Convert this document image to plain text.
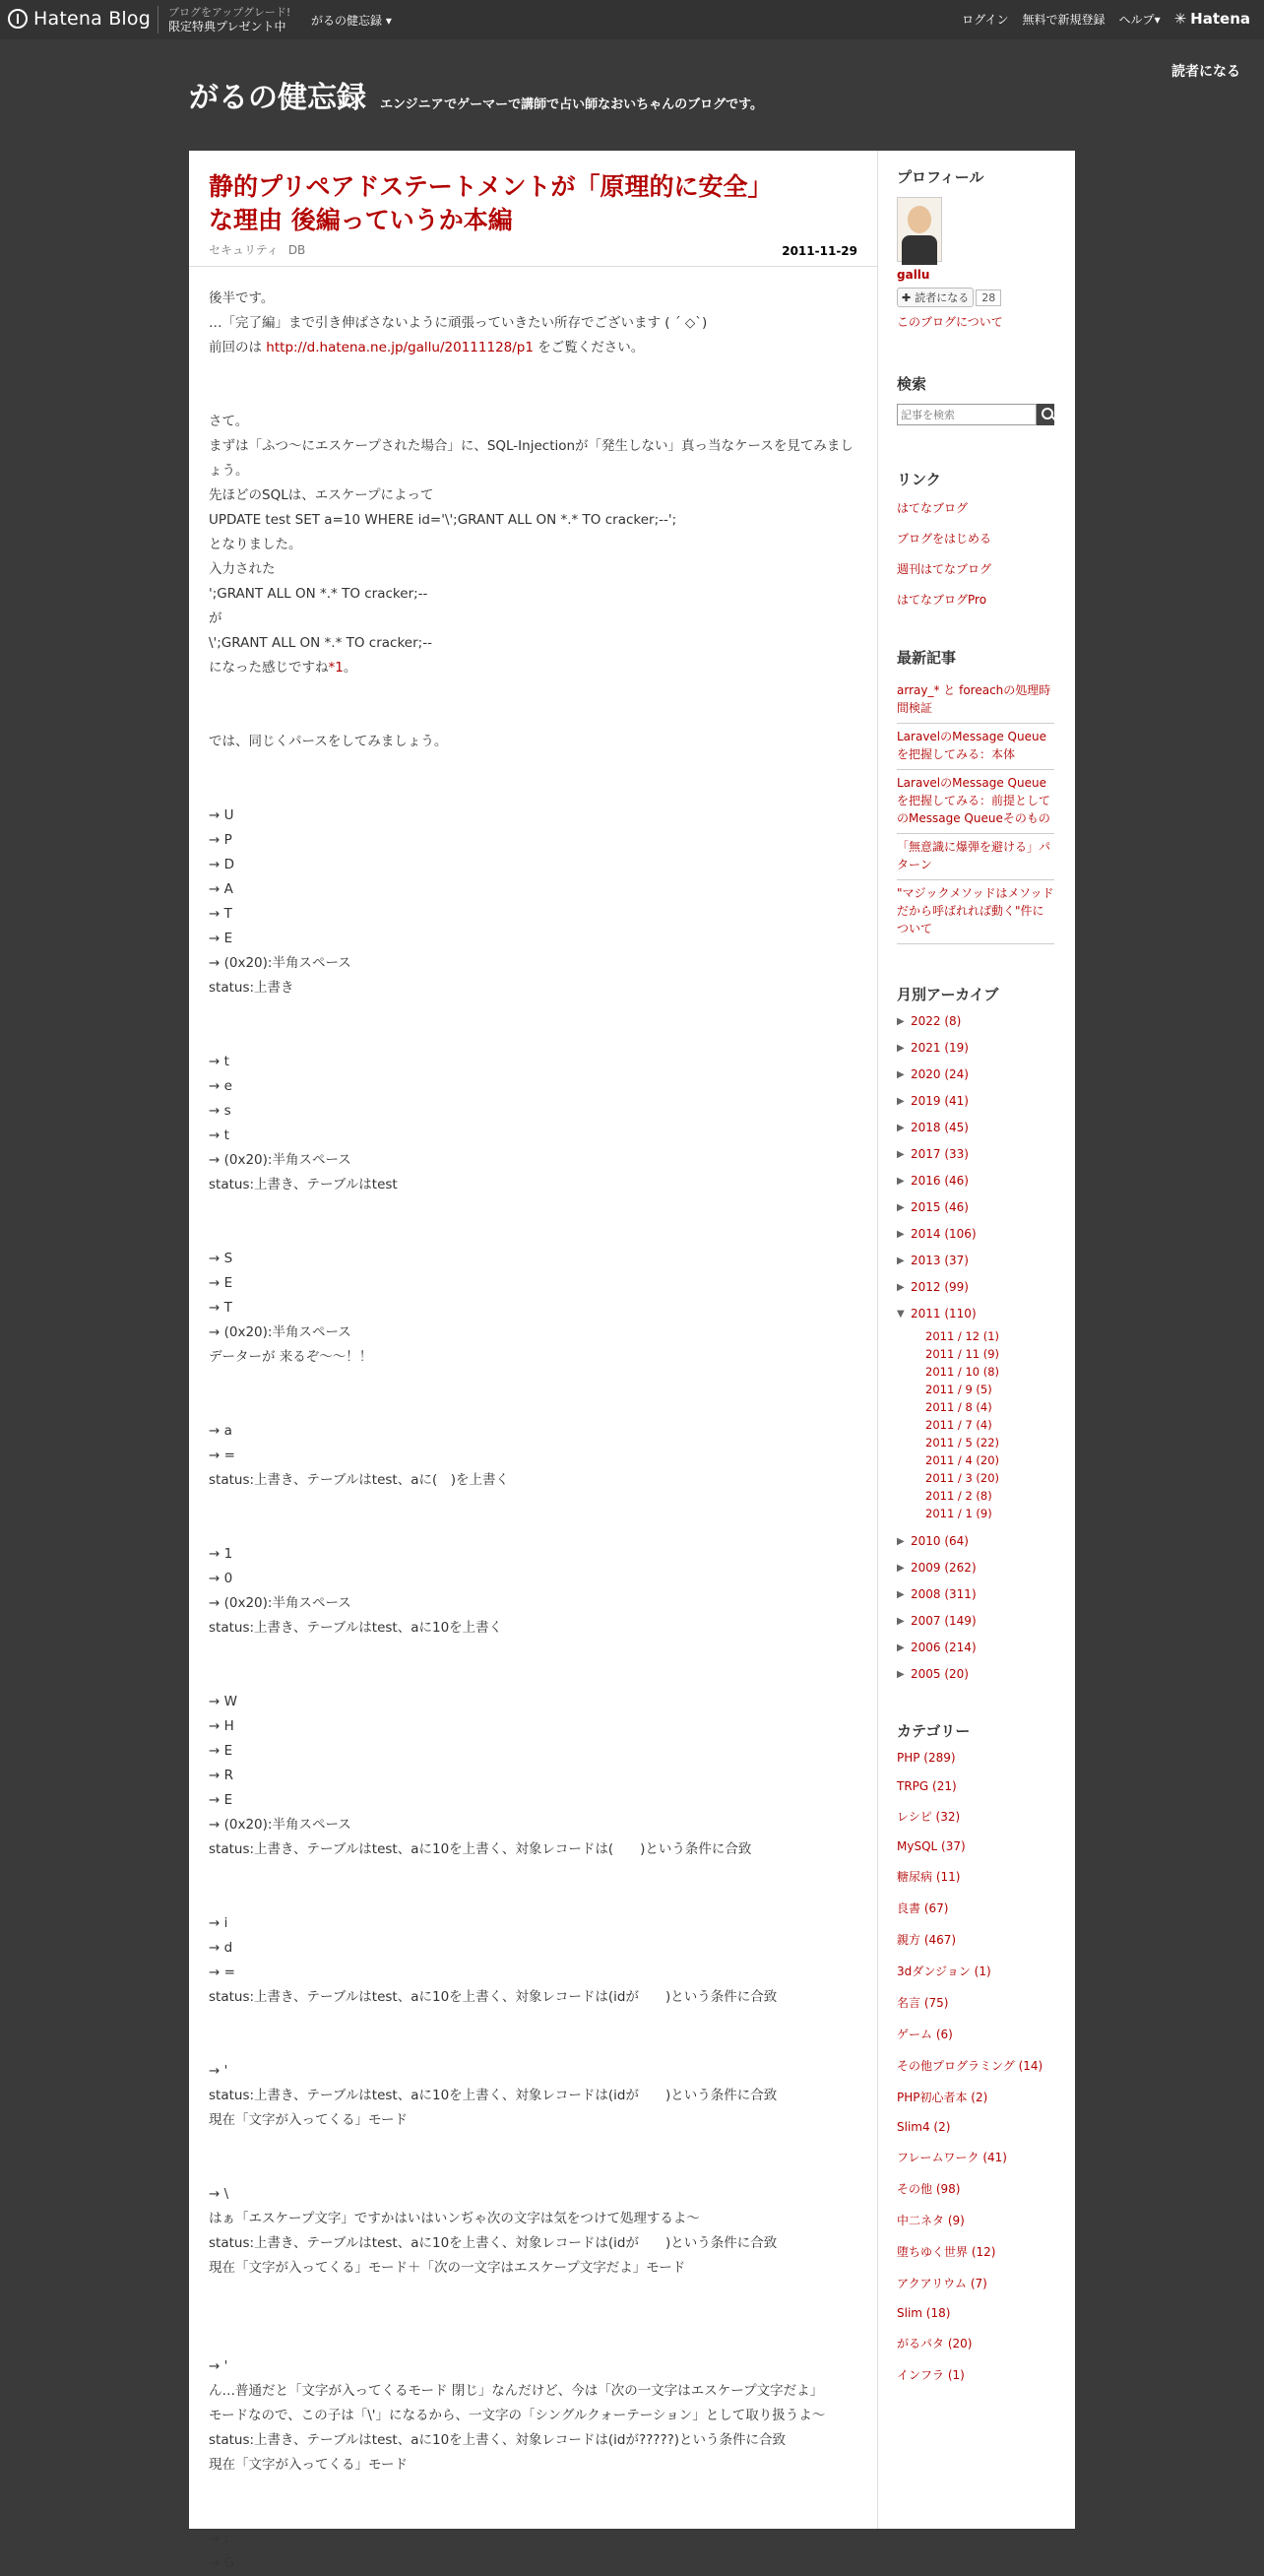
Hatena Blog ブログをアップグレード!
限定特典プレゼント中	がるの健忘録 ▾	ログイン 無料で新規登録 ヘルプ▾ ✳ Hatena
がるの健忘録 エンジニアでゲーマーで講師で占い師なおいちゃんのブログです。
読者になる
静的プリペアドステートメントが「原理的に安全」な理由 後編っていうか本編
セキュリティ DB	2011-11-29

後半です。

…「完了編」まで引き伸ばさないように頑張っていきたい所存でございます ( ´ ◇`)

前回のは http://d.hatena.ne.jp/gallu/20111128/p1 をご覧ください。

さて。

まずは「ふつ〜にエスケープされた場合」に、SQL-Injectionが「発生しない」真っ当なケースを見てみましょう。

先ほどのSQLは、エスケープによって

UPDATE test SET a=10 WHERE id='\';GRANT ALL ON *.* TO cracker;--';

となりました。

入力された

';GRANT ALL ON *.* TO cracker;--

が

\';GRANT ALL ON *.* TO cracker;--

になった感じですね*1。

では、同じくパースをしてみましょう。

→ U

→ P

→ D

→ A

→ T

→ E

→ (0x20):半角スペース

status:上書き

→ t

→ e

→ s

→ t

→ (0x20):半角スペース

status:上書き、テーブルはtest

→ S

→ E

→ T

→ (0x20):半角スペース

データーが 来るぞ〜〜！！

→ a

→ =

status:上書き、テーブルはtest、aに(　)を上書く

→ 1

→ 0

→ (0x20):半角スペース

status:上書き、テーブルはtest、aに10を上書く

→ W

→ H

→ E

→ R

→ E

→ (0x20):半角スペース

status:上書き、テーブルはtest、aに10を上書く、対象レコードは(　　)という条件に合致

→ i

→ d

→ =

status:上書き、テーブルはtest、aに10を上書く、対象レコードは(idが　　)という条件に合致

→ '

status:上書き、テーブルはtest、aに10を上書く、対象レコードは(idが　　)という条件に合致

現在「文字が入ってくる」モード

→ \

はぁ「エスケープ文字」ですかはいはいンぢゃ次の文字は気をつけて処理するよ〜

status:上書き、テーブルはtest、aに10を上書く、対象レコードは(idが　　)という条件に合致

現在「文字が入ってくる」モード＋「次の一文字はエスケープ文字だよ」モード

→ '

ん…普通だと「文字が入ってくるモード 閉じ」なんだけど、今は「次の一文字はエスケープ文字だよ」

モードなので、この子は「\'」になるから、一文字の「シングルクォーテーション」として取り扱うよ〜

status:上書き、テーブルはtest、aに10を上書く、対象レコードは(idが?????)という条件に合致

現在「文字が入ってくる」モード

→ ;

→ G

プロフィール
gallu
✚ 読者になる 28
このブログについて
検索
記事を検索
リンク
はてなブログ
ブログをはじめる
週刊はてなブログ
はてなブログPro
最新記事
array_* と foreachの処理時間検証
LaravelのMessage Queueを把握してみる：本体
LaravelのMessage Queueを把握してみる：前提としてのMessage Queueそのもの
「無意識に爆弾を避ける」パターン
"マジックメソッドはメソッドだから呼ばれれば動く"件について
月別アーカイブ
▶ 2022 (8)
▶ 2021 (19)
▶ 2020 (24)
▶ 2019 (41)
▶ 2018 (45)
▶ 2017 (33)
▶ 2016 (46)
▶ 2015 (46)
▶ 2014 (106)
▶ 2013 (37)
▶ 2012 (99)
▼ 2011 (110)
2011 / 12 (1)
2011 / 11 (9)
2011 / 10 (8)
2011 / 9 (5)
2011 / 8 (4)
2011 / 7 (4)
2011 / 5 (22)
2011 / 4 (20)
2011 / 3 (20)
2011 / 2 (8)
2011 / 1 (9)
▶ 2010 (64)
▶ 2009 (262)
▶ 2008 (311)
▶ 2007 (149)
▶ 2006 (214)
▶ 2005 (20)
カテゴリー
PHP (289)
TRPG (21)
レシピ (32)
MySQL (37)
糖尿病 (11)
良書 (67)
親方 (467)
3dダンジョン (1)
名言 (75)
ゲーム (6)
その他プログラミング (14)
PHP初心者本 (2)
Slim4 (2)
フレームワーク (41)
その他 (98)
中二ネタ (9)
堕ちゆく世界 (12)
アクアリウム (7)
Slim (18)
がるパタ (20)
インフラ (1)
